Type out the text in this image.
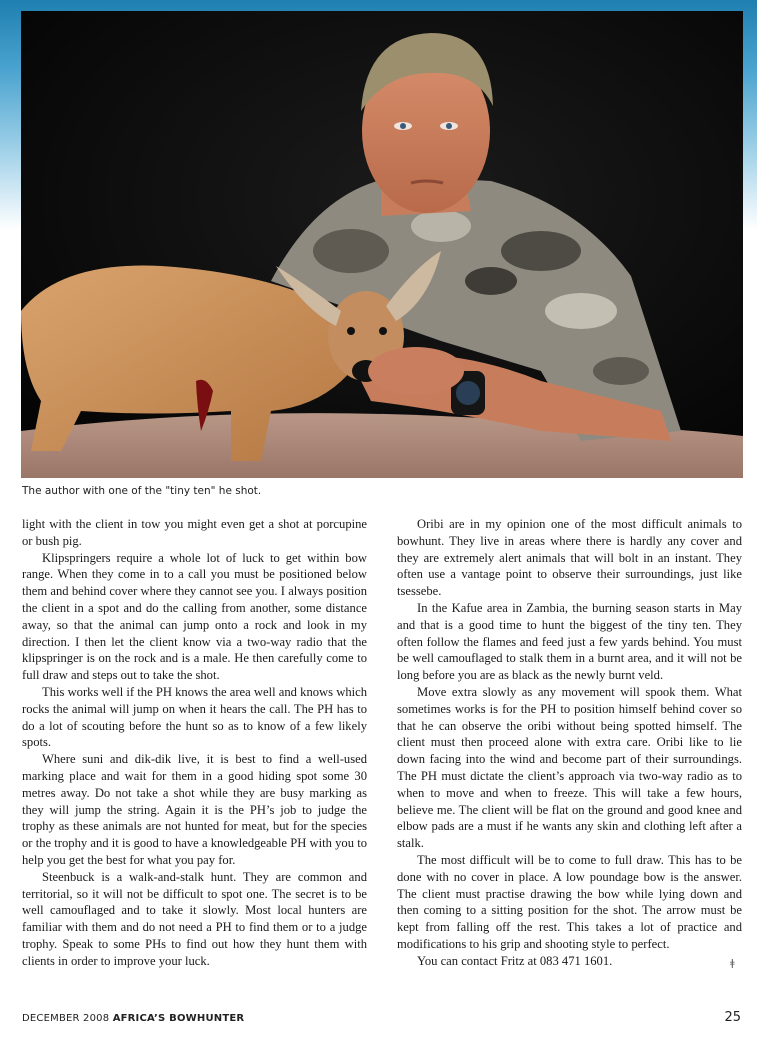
The author with one of the "tiny ten" he shot.

light with the client in tow you might even get a shot at porcupine or bush pig.

Klipspringers require a whole lot of luck to get within bow range. When they come in to a call you must be positioned below them and behind cover where they cannot see you. I always position the client in a spot and do the calling from another, some distance away, so that the animal can jump onto a rock and look in my direction. I then let the client know via a two-way radio that the klipspringer is on the rock and is a male. He then carefully come to full draw and steps out to take the shot.

This works well if the PH knows the area well and knows which rocks the animal will jump on when it hears the call. The PH has to do a lot of scouting before the hunt so as to know of a few likely spots.

Where suni and dik-dik live, it is best to find a well-used marking place and wait for them in a good hiding spot some 30 metres away. Do not take a shot while they are busy marking as they will jump the string. Again it is the PH’s job to judge the trophy as these animals are not hunted for meat, but for the species or the trophy and it is good to have a knowledgeable PH with you to help you get the best for what you pay for.

Steenbuck is a walk-and-stalk hunt. They are common and territorial, so it will not be difficult to spot one. The secret is to be well camouflaged and to take it slowly. Most local hunters are familiar with them and do not need a PH to find them or to a judge trophy. Speak to some PHs to find out how they hunt them with clients in order to improve your luck.

Oribi are in my opinion one of the most difficult animals to bowhunt. They live in areas where there is hardly any cover and they are extremely alert animals that will bolt in an instant. They often use a vantage point to observe their surroundings, just like tsessebe.

In the Kafue area in Zambia, the burning season starts in May and that is a good time to hunt the biggest of the tiny ten. They often follow the flames and feed just a few yards behind. You must be well camouflaged to stalk them in a burnt area, and it will not be long before you are as black as the newly burnt veld.

Move extra slowly as any movement will spook them. What sometimes works is for the PH to position himself behind cover so that he can observe the oribi without being spotted himself. The client must then proceed alone with extra care. Oribi like to lie down facing into the wind and become part of their surroundings. The PH must dictate the client’s approach via two-way radio as to when to move and when to freeze. This will take a few hours, believe me. The client will be flat on the ground and good knee and elbow pads are a must if he wants any skin and clothing left after a stalk.

The most difficult will be to come to full draw. This has to be done with no cover in place. A low poundage bow is the answer. The client must practise drawing the bow while lying down and then coming to a sitting position for the shot. The arrow must be kept from falling off the rest. This takes a lot of practice and modifications to his grip and shooting style to perfect.

You can contact Fritz at 083 471 1601.	ǂ
DECEMBER 2008 AFRICA’S BOWHUNTER	25
